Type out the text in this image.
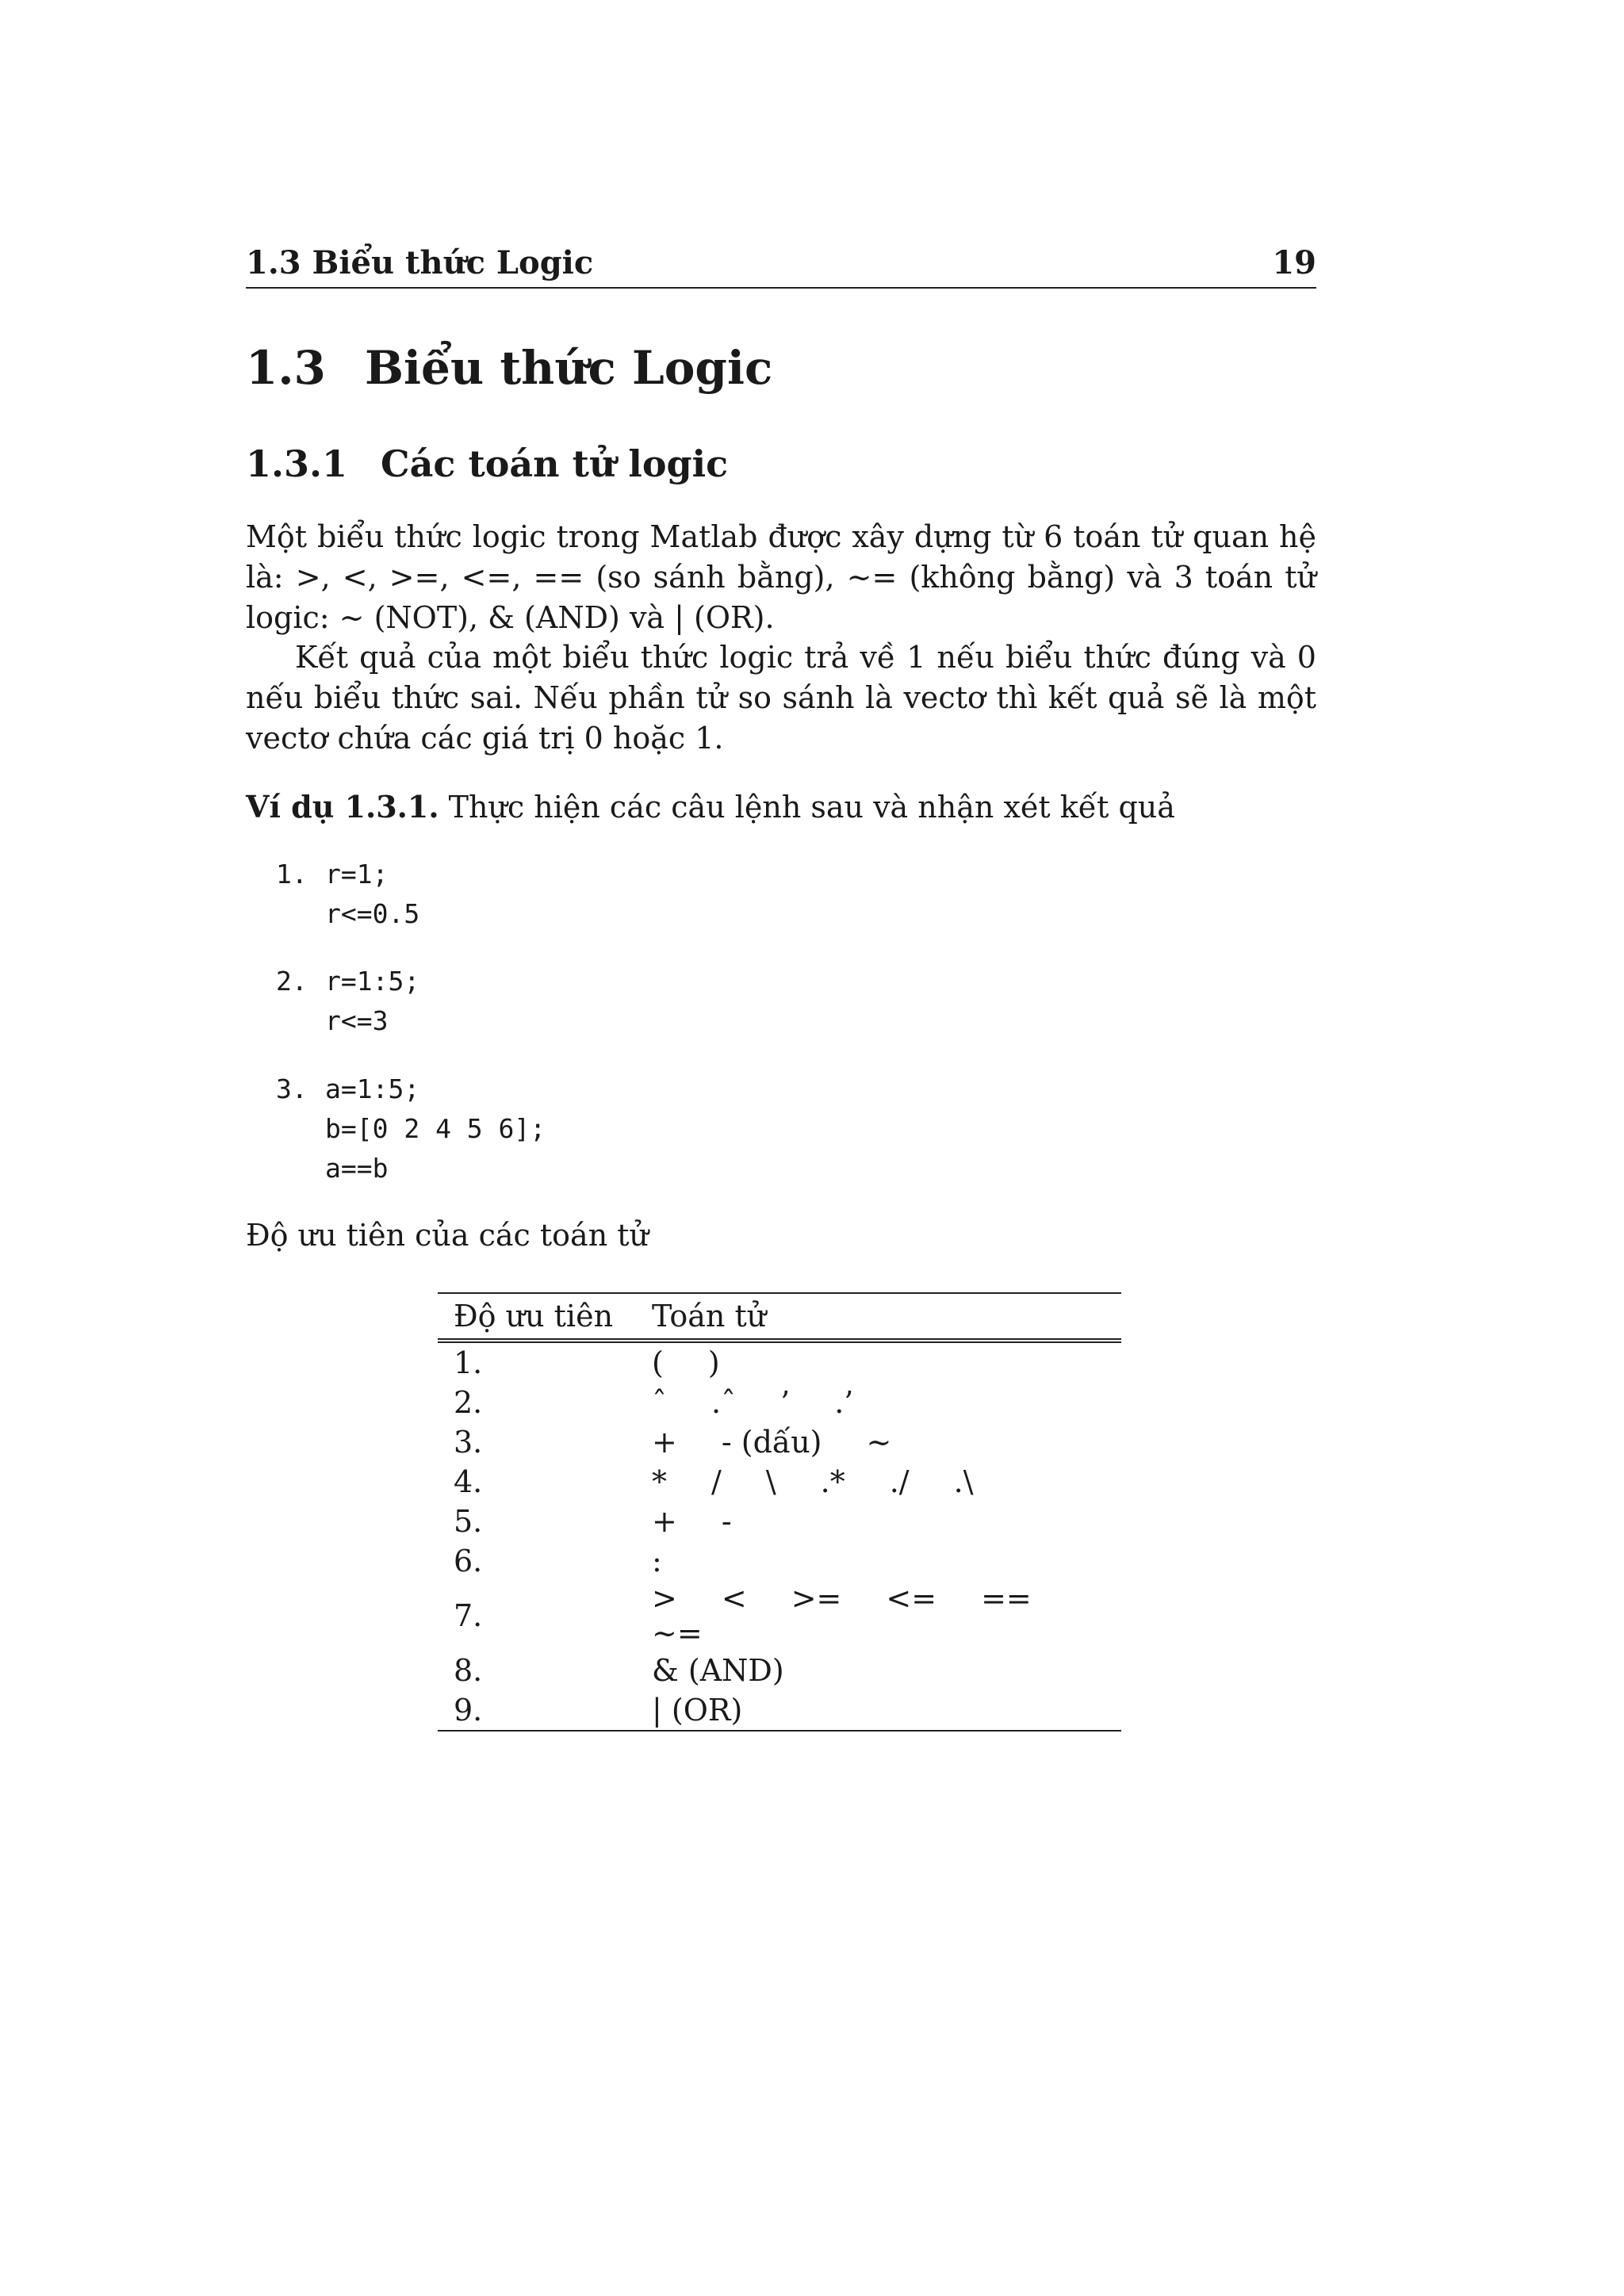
1.3 Biểu thức Logic	19
1.3 Biểu thức Logic
1.3.1 Các toán tử logic

Một biểu thức logic trong Matlab được xây dựng từ 6 toán tử quan hệ là: >, <, >=, <=, == (so sánh bằng), ∼= (không bằng) và 3 toán tử logic: ∼ (NOT), & (AND) và | (OR).

Kết quả của một biểu thức logic trả về 1 nếu biểu thức đúng và 0 nếu biểu thức sai. Nếu phần tử so sánh là vectơ thì kết quả sẽ là một vectơ chứa các giá trị 0 hoặc 1.

Ví dụ 1.3.1. Thực hiện các câu lệnh sau và nhận xét kết quả

1. r=1;
r<=0.5
2. r=1:5;
r<=3
3. a=1:5;
b=[0 2 4 5 6];
a==b

Độ ưu tiên của các toán tử

Độ ưu tiên	Toán tử
1.	( )
2.	ˆ .ˆ ’ .’
3.	+ - (dấu) ∼
4.	* / \ .* ./ .\
5.	+ -
6.	:
7.	> < >= <= ==∼=
8.	& (AND)
9.	| (OR)
